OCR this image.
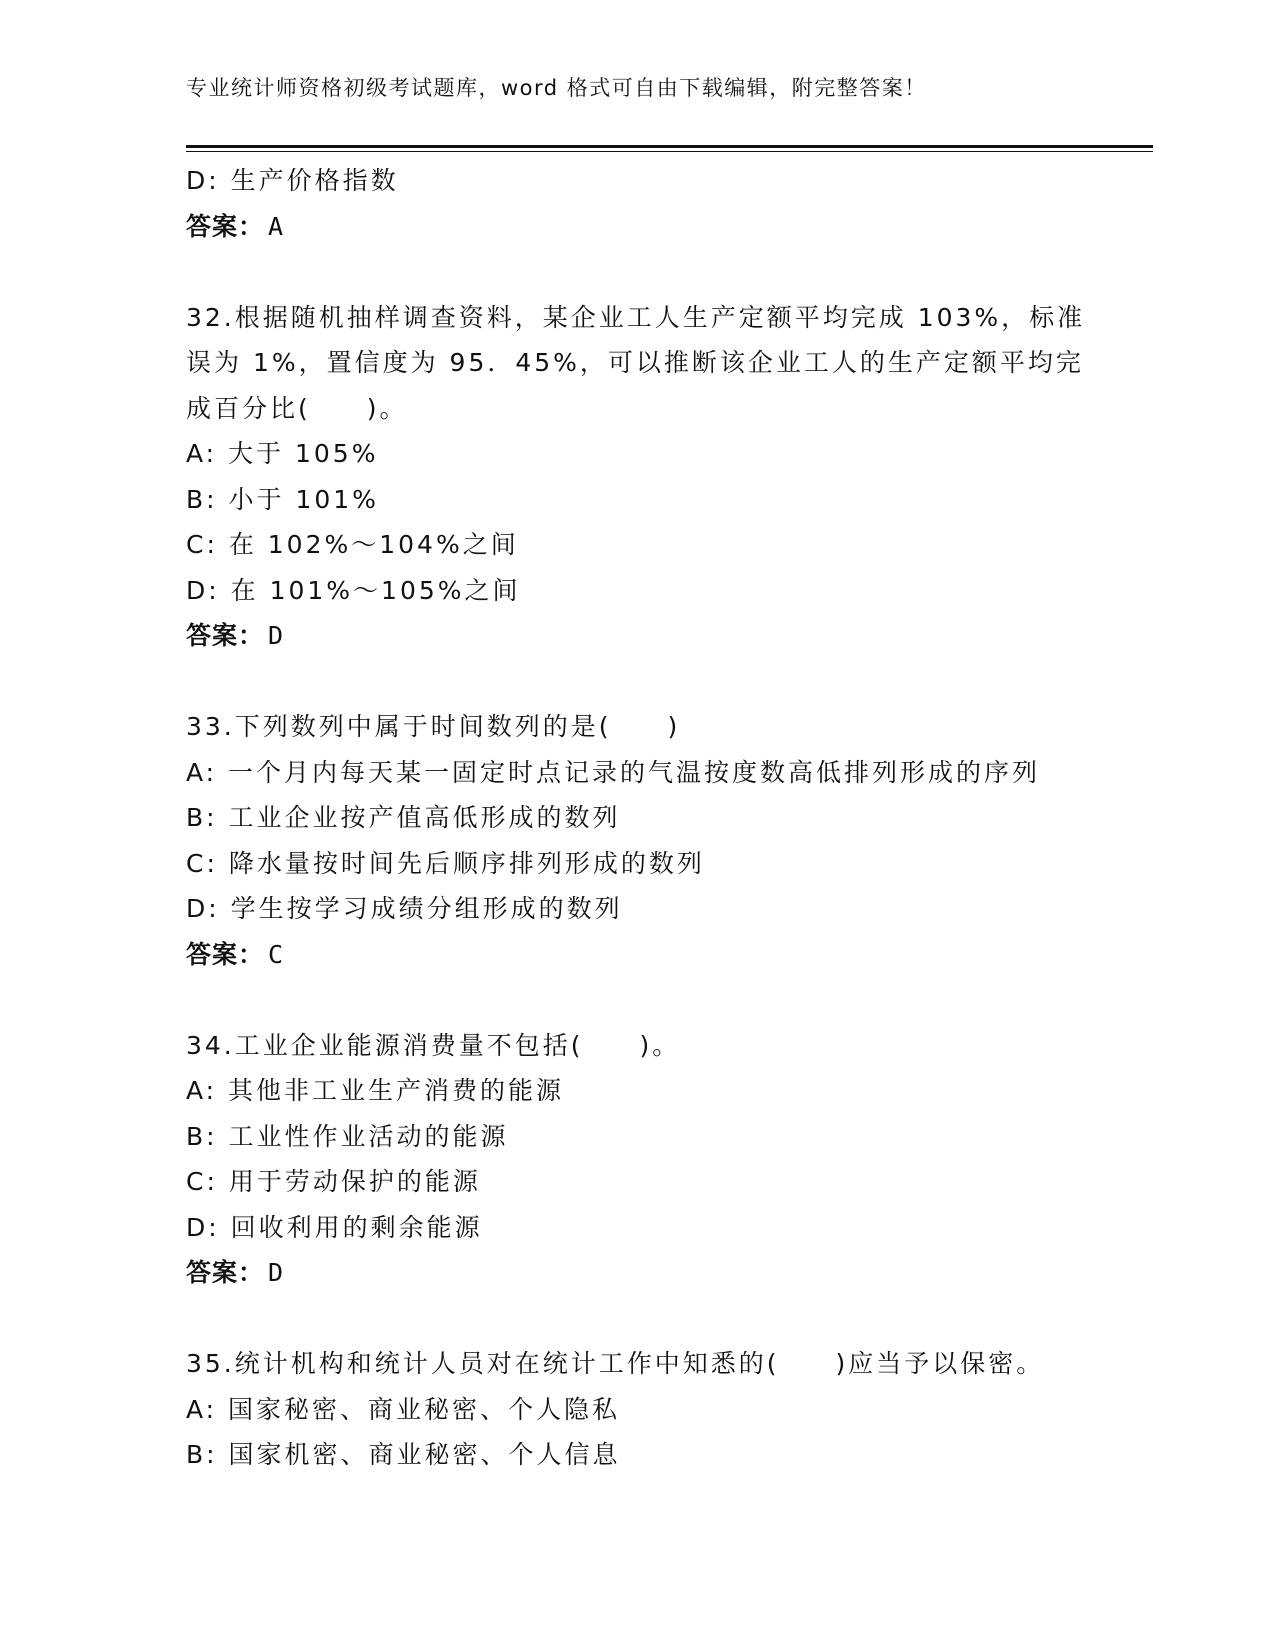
专业统计师资格初级考试题库，word 格式可自由下载编辑，附完整答案！
D: 生产价格指数
答案： A
32.根据随机抽样调查资料，某企业工人生产定额平均完成 103%，标准
误为 1%，置信度为 95．45%，可以推断该企业工人的生产定额平均完
成百分比(　　)。
A: 大于 105%
B: 小于 101%
C: 在 102%～104%之间
D: 在 101%～105%之间
答案： D
33.下列数列中属于时间数列的是(　　)
A: 一个月内每天某一固定时点记录的气温按度数高低排列形成的序列
B: 工业企业按产值高低形成的数列
C: 降水量按时间先后顺序排列形成的数列
D: 学生按学习成绩分组形成的数列
答案： C
34.工业企业能源消费量不包括(　　)。
A: 其他非工业生产消费的能源
B: 工业性作业活动的能源
C: 用于劳动保护的能源
D: 回收利用的剩余能源
答案： D
35.统计机构和统计人员对在统计工作中知悉的(　　)应当予以保密。
A: 国家秘密、商业秘密、个人隐私
B: 国家机密、商业秘密、个人信息
